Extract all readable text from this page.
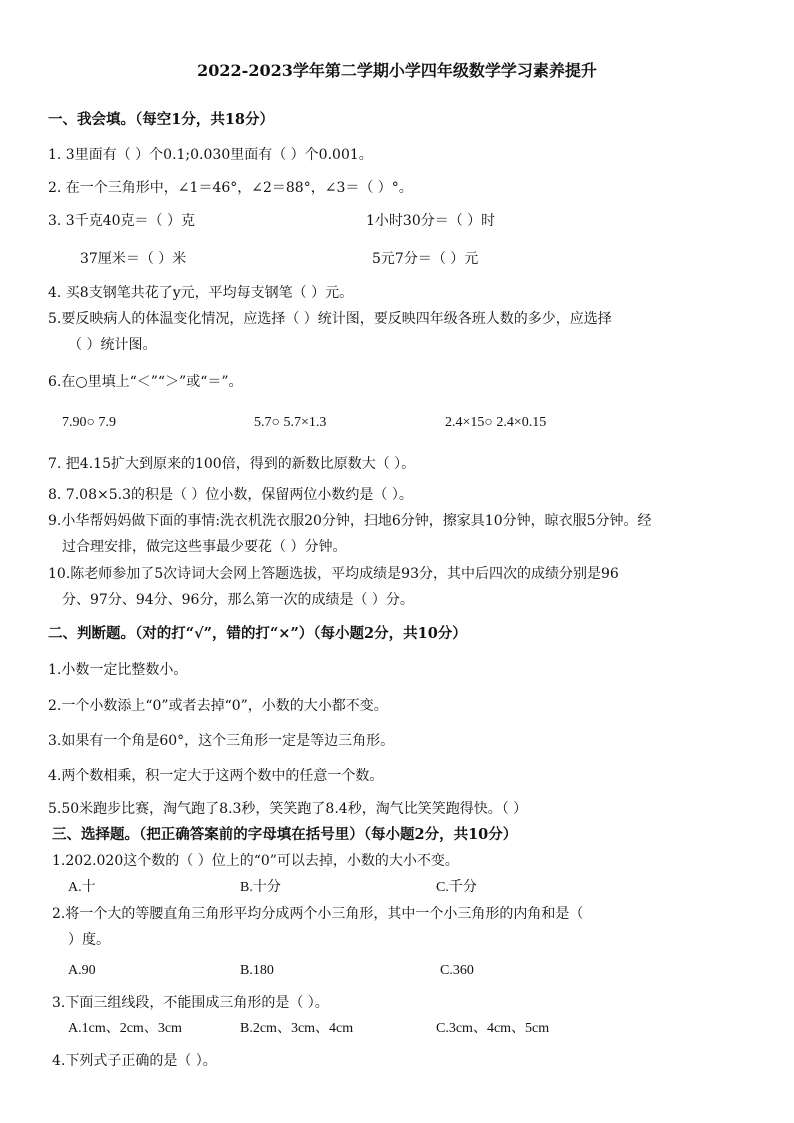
2022-2023学年第二学期小学四年级数学学习素养提升
一、我会填。（每空1分，共18分）
1. 3里面有（ ）个0.1;0.030里面有（ ）个0.001。
2. 在一个三角形中，∠1＝46°，∠2＝88°，∠3＝（ ）°。
3. 3千克40克＝（ ）克	1小时30分＝（ ）时
37厘米＝（ ）米	5元7分＝（ ）元
4. 买8支钢笔共花了y元，平均每支钢笔（ ）元。
5.要反映病人的体温变化情况，应选择（ ）统计图，要反映四年级各班人数的多少，应选择
（ ）统计图。
6.在○里填上“＜”“＞”或“＝”。
7.90○ 7.9	5.7○ 5.7×1.3	2.4×15○ 2.4×0.15
7. 把4.15扩大到原来的100倍，得到的新数比原数大（ ）。
8. 7.08×5.3的积是（ ）位小数，保留两位小数约是（ ）。
9.小华帮妈妈做下面的事情:洗衣机洗衣服20分钟，扫地6分钟，擦家具10分钟，晾衣服5分钟。经
过合理安排，做完这些事最少要花（ ）分钟。
10.陈老师参加了5次诗词大会网上答题选拔，平均成绩是93分，其中后四次的成绩分别是96
分、97分、94分、96分，那么第一次的成绩是（ ）分。
二、判断题。（对的打“√”，错的打“×”）（每小题2分，共10分）
1.小数一定比整数小。
2.一个小数添上“0”或者去掉“0”，小数的大小都不变。
3.如果有一个角是60°，这个三角形一定是等边三角形。
4.两个数相乘，积一定大于这两个数中的任意一个数。
5.50米跑步比赛，淘气跑了8.3秒，笑笑跑了8.4秒，淘气比笑笑跑得快。（ ）
三、选择题。（把正确答案前的字母填在括号里）（每小题2分，共10分）
1.202.020这个数的（ ）位上的“0”可以去掉，小数的大小不变。
A.十	B.十分	C.千分
2.将一个大的等腰直角三角形平均分成两个小三角形，其中一个小三角形的内角和是（
）度。
A.90	B.180	C.360
3.下面三组线段，不能围成三角形的是（ ）。
A.1cm、2cm、3cm	B.2cm、3cm、4cm	C.3cm、4cm、5cm
4.下列式子正确的是（ ）。
